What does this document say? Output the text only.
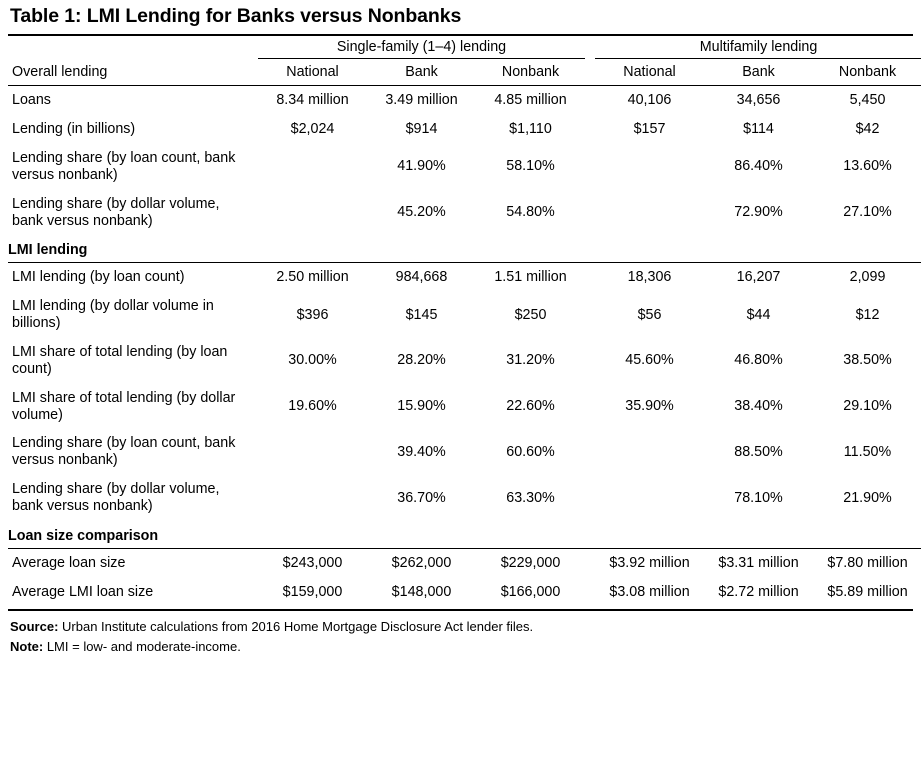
Table 1: LMI Lending for Banks versus Nonbanks
	Single-family (1–4) lending				Multifamily lending		
Overall lending	National	Bank	Nonbank		National	Bank	Nonbank
Loans	8.34 million	3.49 million	4.85 million		40,106	34,656	5,450
Lending (in billions)	$2,024	$914	$1,110		$157	$114	$42
Lending share (by loan count, bank versus nonbank)		41.90%	58.10%			86.40%	13.60%
Lending share (by dollar volume, bank versus nonbank)		45.20%	54.80%			72.90%	27.10%
LMI lending							
LMI lending (by loan count)	2.50 million	984,668	1.51 million		18,306	16,207	2,099
LMI lending (by dollar volume in billions)	$396	$145	$250		$56	$44	$12
LMI share of total lending (by loan count)	30.00%	28.20%	31.20%		45.60%	46.80%	38.50%
LMI share of total lending (by dollar volume)	19.60%	15.90%	22.60%		35.90%	38.40%	29.10%
Lending share (by loan count, bank versus nonbank)		39.40%	60.60%			88.50%	11.50%
Lending share (by dollar volume, bank versus nonbank)		36.70%	63.30%			78.10%	21.90%
Loan size comparison							
Average loan size	$243,000	$262,000	$229,000		$3.92 million	$3.31 million	$7.80 million
Average LMI loan size	$159,000	$148,000	$166,000		$3.08 million	$2.72 million	$5.89 million
Source: Urban Institute calculations from 2016 Home Mortgage Disclosure Act lender files.
Note: LMI = low- and moderate-income.
